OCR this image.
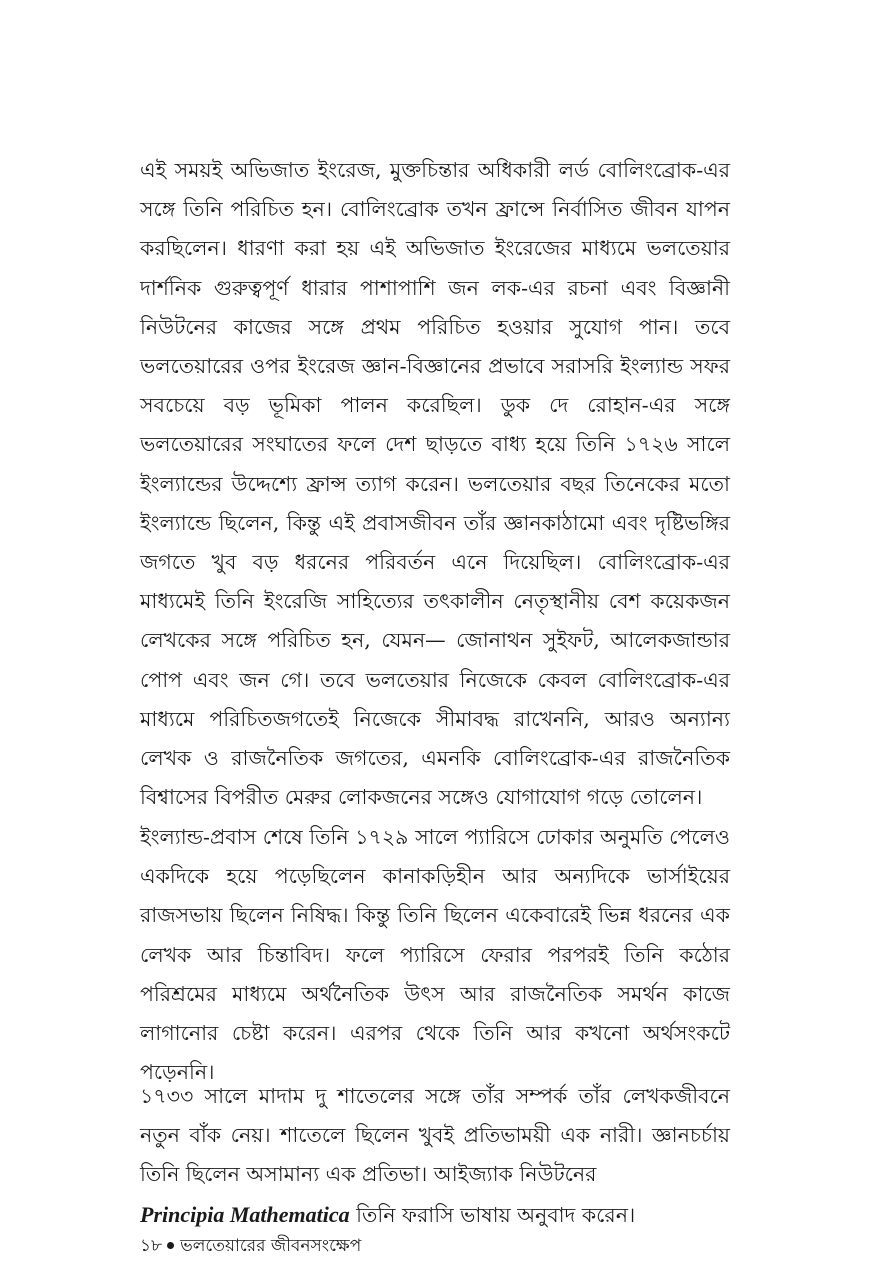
এই সময়ই অভিজাত ইংরেজ, মুক্তচিন্তার অধিকারী লর্ড বোলিংব্রোক-এর সঙ্গে তিনি পরিচিত হন। বোলিংব্রোক তখন ফ্রান্সে নির্বাসিত জীবন যাপন করছিলেন। ধারণা করা হয় এই অভিজাত ইংরেজের মাধ্যমে ভলতেয়ার দার্শনিক গুরুত্বপূর্ণ ধারার পাশাপাশি জন লক-এর রচনা এবং বিজ্ঞানী নিউটনের কাজের সঙ্গে প্রথম পরিচিত হওয়ার সুযোগ পান। তবে ভলতেয়ারের ওপর ইংরেজ জ্ঞান-বিজ্ঞানের প্রভাবে সরাসরি ইংল্যান্ড সফর সবচেয়ে বড় ভূমিকা পালন করেছিল। ডুক দে রোহান-এর সঙ্গে ভলতেয়ারের সংঘাতের ফলে দেশ ছাড়তে বাধ্য হয়ে তিনি ১৭২৬ সালে ইংল্যান্ডের উদ্দেশ্যে ফ্রান্স ত্যাগ করেন। ভলতেয়ার বছর তিনেকের মতো ইংল্যান্ডে ছিলেন, কিন্তু এই প্রবাসজীবন তাঁর জ্ঞানকাঠামো এবং দৃষ্টিভঙ্গির জগতে খুব বড় ধরনের পরিবর্তন এনে দিয়েছিল। বোলিংব্রোক-এর মাধ্যমেই তিনি ইংরেজি সাহিত্যের তৎকালীন নেতৃস্থানীয় বেশ কয়েকজন লেখকের সঙ্গে পরিচিত হন, যেমন— জোনাথন সুইফট, আলেকজান্ডার পোপ এবং জন গে। তবে ভলতেয়ার নিজেকে কেবল বোলিংব্রোক-এর মাধ্যমে পরিচিতজগতেই নিজেকে সীমাবদ্ধ রাখেননি, আরও অন্যান্য লেখক ও রাজনৈতিক জগতের, এমনকি বোলিংব্রোক-এর রাজনৈতিক বিশ্বাসের বিপরীত মেরুর লোকজনের সঙ্গেও যোগাযোগ গড়ে তোলেন।

ইংল্যান্ড-প্রবাস শেষে তিনি ১৭২৯ সালে প্যারিসে ঢোকার অনুমতি পেলেও একদিকে হয়ে পড়েছিলেন কানাকড়িহীন আর অন্যদিকে ভার্সাইয়ের রাজসভায় ছিলেন নিষিদ্ধ। কিন্তু তিনি ছিলেন একেবারেই ভিন্ন ধরনের এক লেখক আর চিন্তাবিদ। ফলে প্যারিসে ফেরার পরপরই তিনি কঠোর পরিশ্রমের মাধ্যমে অর্থনৈতিক উৎস আর রাজনৈতিক সমর্থন কাজে লাগানোর চেষ্টা করেন। এরপর থেকে তিনি আর কখনো অর্থসংকটে পড়েননি।

১৭৩৩ সালে মাদাম দু শাতেলের সঙ্গে তাঁর সম্পর্ক তাঁর লেখকজীবনে নতুন বাঁক নেয়। শাতেলে ছিলেন খুবই প্রতিভাময়ী এক নারী। জ্ঞানচর্চায় তিনি ছিলেন অসামান্য এক প্রতিভা। আইজ্যাক নিউটনের
Principia Mathematica তিনি ফরাসি ভাষায় অনুবাদ করেন।

১৮ ভলতেয়ারের জীবনসংক্ষেপ
